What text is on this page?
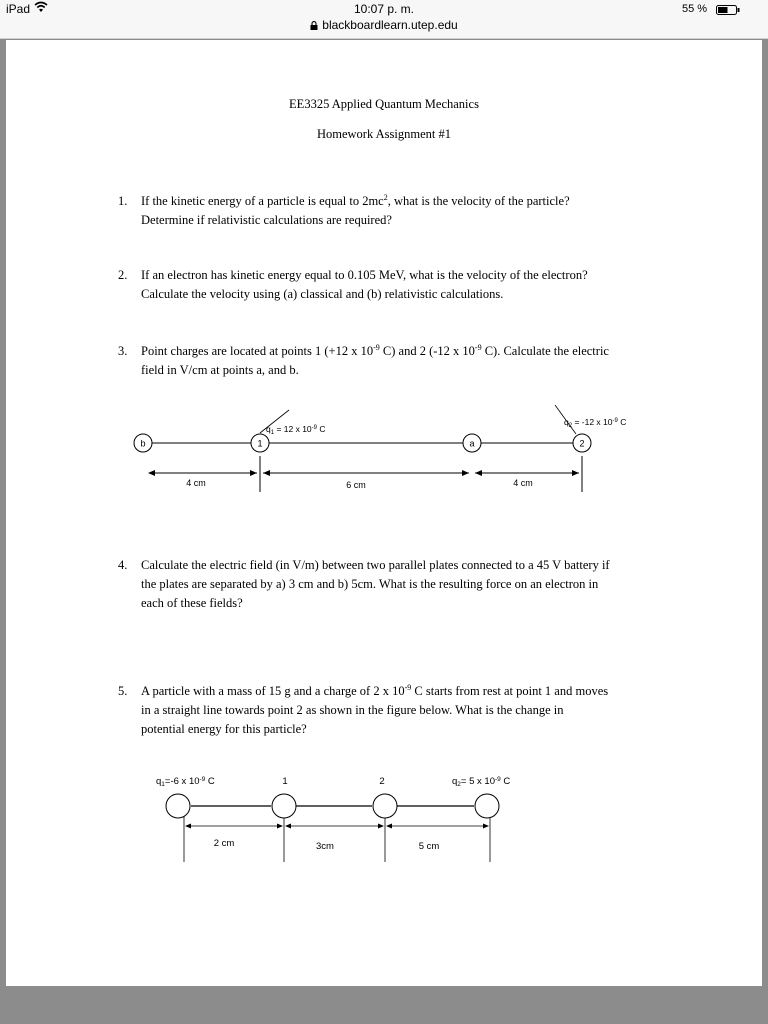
iPad	10:07 p. m.
blackboardlearn.utep.edu
55 %
EE3325 Applied Quantum Mechanics
Homework Assignment #1
1. If the kinetic energy of a particle is equal to $2mc^2$, what is the velocity of the particle?
Determine if relativistic calculations are required?
2. If an electron has kinetic energy equal to 0.105 MeV, what is the velocity of the electron?
Calculate the velocity using (a) classical and (b) relativistic calculations.
3. Point charges are located at points 1 (+12 x $10^{-9}$ C) and 2 (-12 x $10^{-9}$ C). Calculate the electric
field in V/cm at points a, and b.
b	1	a	2
$q_1 = 12$ x $10^{-9}$ C
$q_2 = -12$ x $10^{-9}$ C
4 cm	6 cm	4 cm
4. Calculate the electric field (in V/m) between two parallel plates connected to a 45 V battery if
the plates are separated by a) 3 cm and b) 5cm. What is the resulting force on an electron in
each of these fields?
5. A particle with a mass of 15 g and a charge of 2 x $10^{-9}$ C starts from rest at point 1 and moves
in a straight line towards point 2 as shown in the figure below. What is the change in
potential energy for this particle?
$q_1=-6$ x $10^{-9}$ C	1	2	$q_2= 5$ x $10^{-9}$ C
2 cm	3cm	5 cm
